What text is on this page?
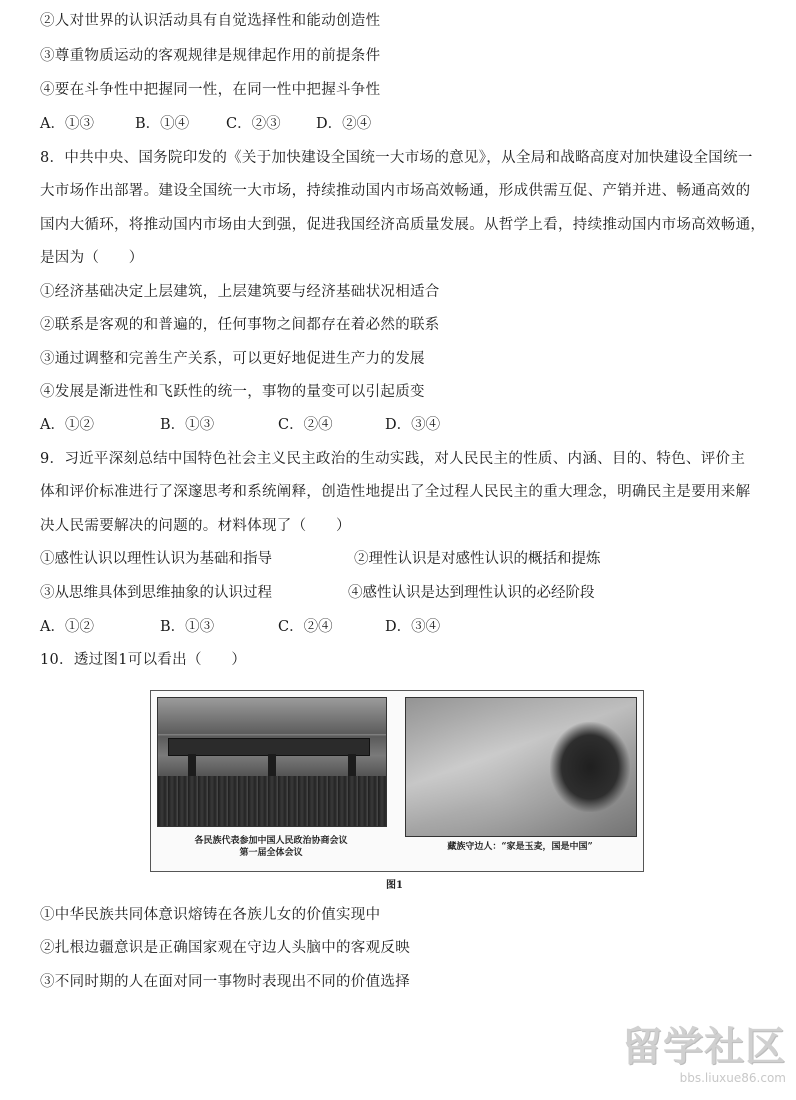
②人对世界的认识活动具有自觉选择性和能动创造性
③尊重物质运动的客观规律是规律起作用的前提条件
④要在斗争性中把握同一性，在同一性中把握斗争性
A．①③	B．①④	C．②③ D．②④
8．中共中央、国务院印发的《关于加快建设全国统一大市场的意见》，从全局和战略高度对加快建设全国统一
大市场作出部署。建设全国统一大市场，持续推动国内市场高效畅通，形成供需互促、产销并进、畅通高效的
国内大循环，将推动国内市场由大到强，促进我国经济高质量发展。从哲学上看，持续推动国内市场高效畅通，
是因为（　　）
①经济基础决定上层建筑，上层建筑要与经济基础状况相适合
②联系是客观的和普遍的，任何事物之间都存在着必然的联系
③通过调整和完善生产关系，可以更好地促进生产力的发展
④发展是渐进性和飞跃性的统一，事物的量变可以引起质变
A．①②	B．①③	C．②④	D．③④
9．习近平深刻总结中国特色社会主义民主政治的生动实践，对人民民主的性质、内涵、目的、特色、评价主
体和评价标准进行了深邃思考和系统阐释，创造性地提出了全过程人民民主的重大理念，明确民主是要用来解
决人民需要解决的问题的。材料体现了（　　）
①感性认识以理性认识为基础和指导	②理性认识是对感性认识的概括和提炼
③从思维具体到思维抽象的认识过程	④感性认识是达到理性认识的必经阶段
A．①②	B．①③	C．②④	D．③④
10．透过图1可以看出（　　）
各民族代表参加中国人民政治协商会议
第一届全体会议
藏族守边人：“家是玉麦，国是中国”
图1
①中华民族共同体意识熔铸在各族儿女的价值实现中
②扎根边疆意识是正确国家观在守边人头脑中的客观反映
③不同时期的人在面对同一事物时表现出不同的价值选择
留学社区
bbs.liuxue86.com
